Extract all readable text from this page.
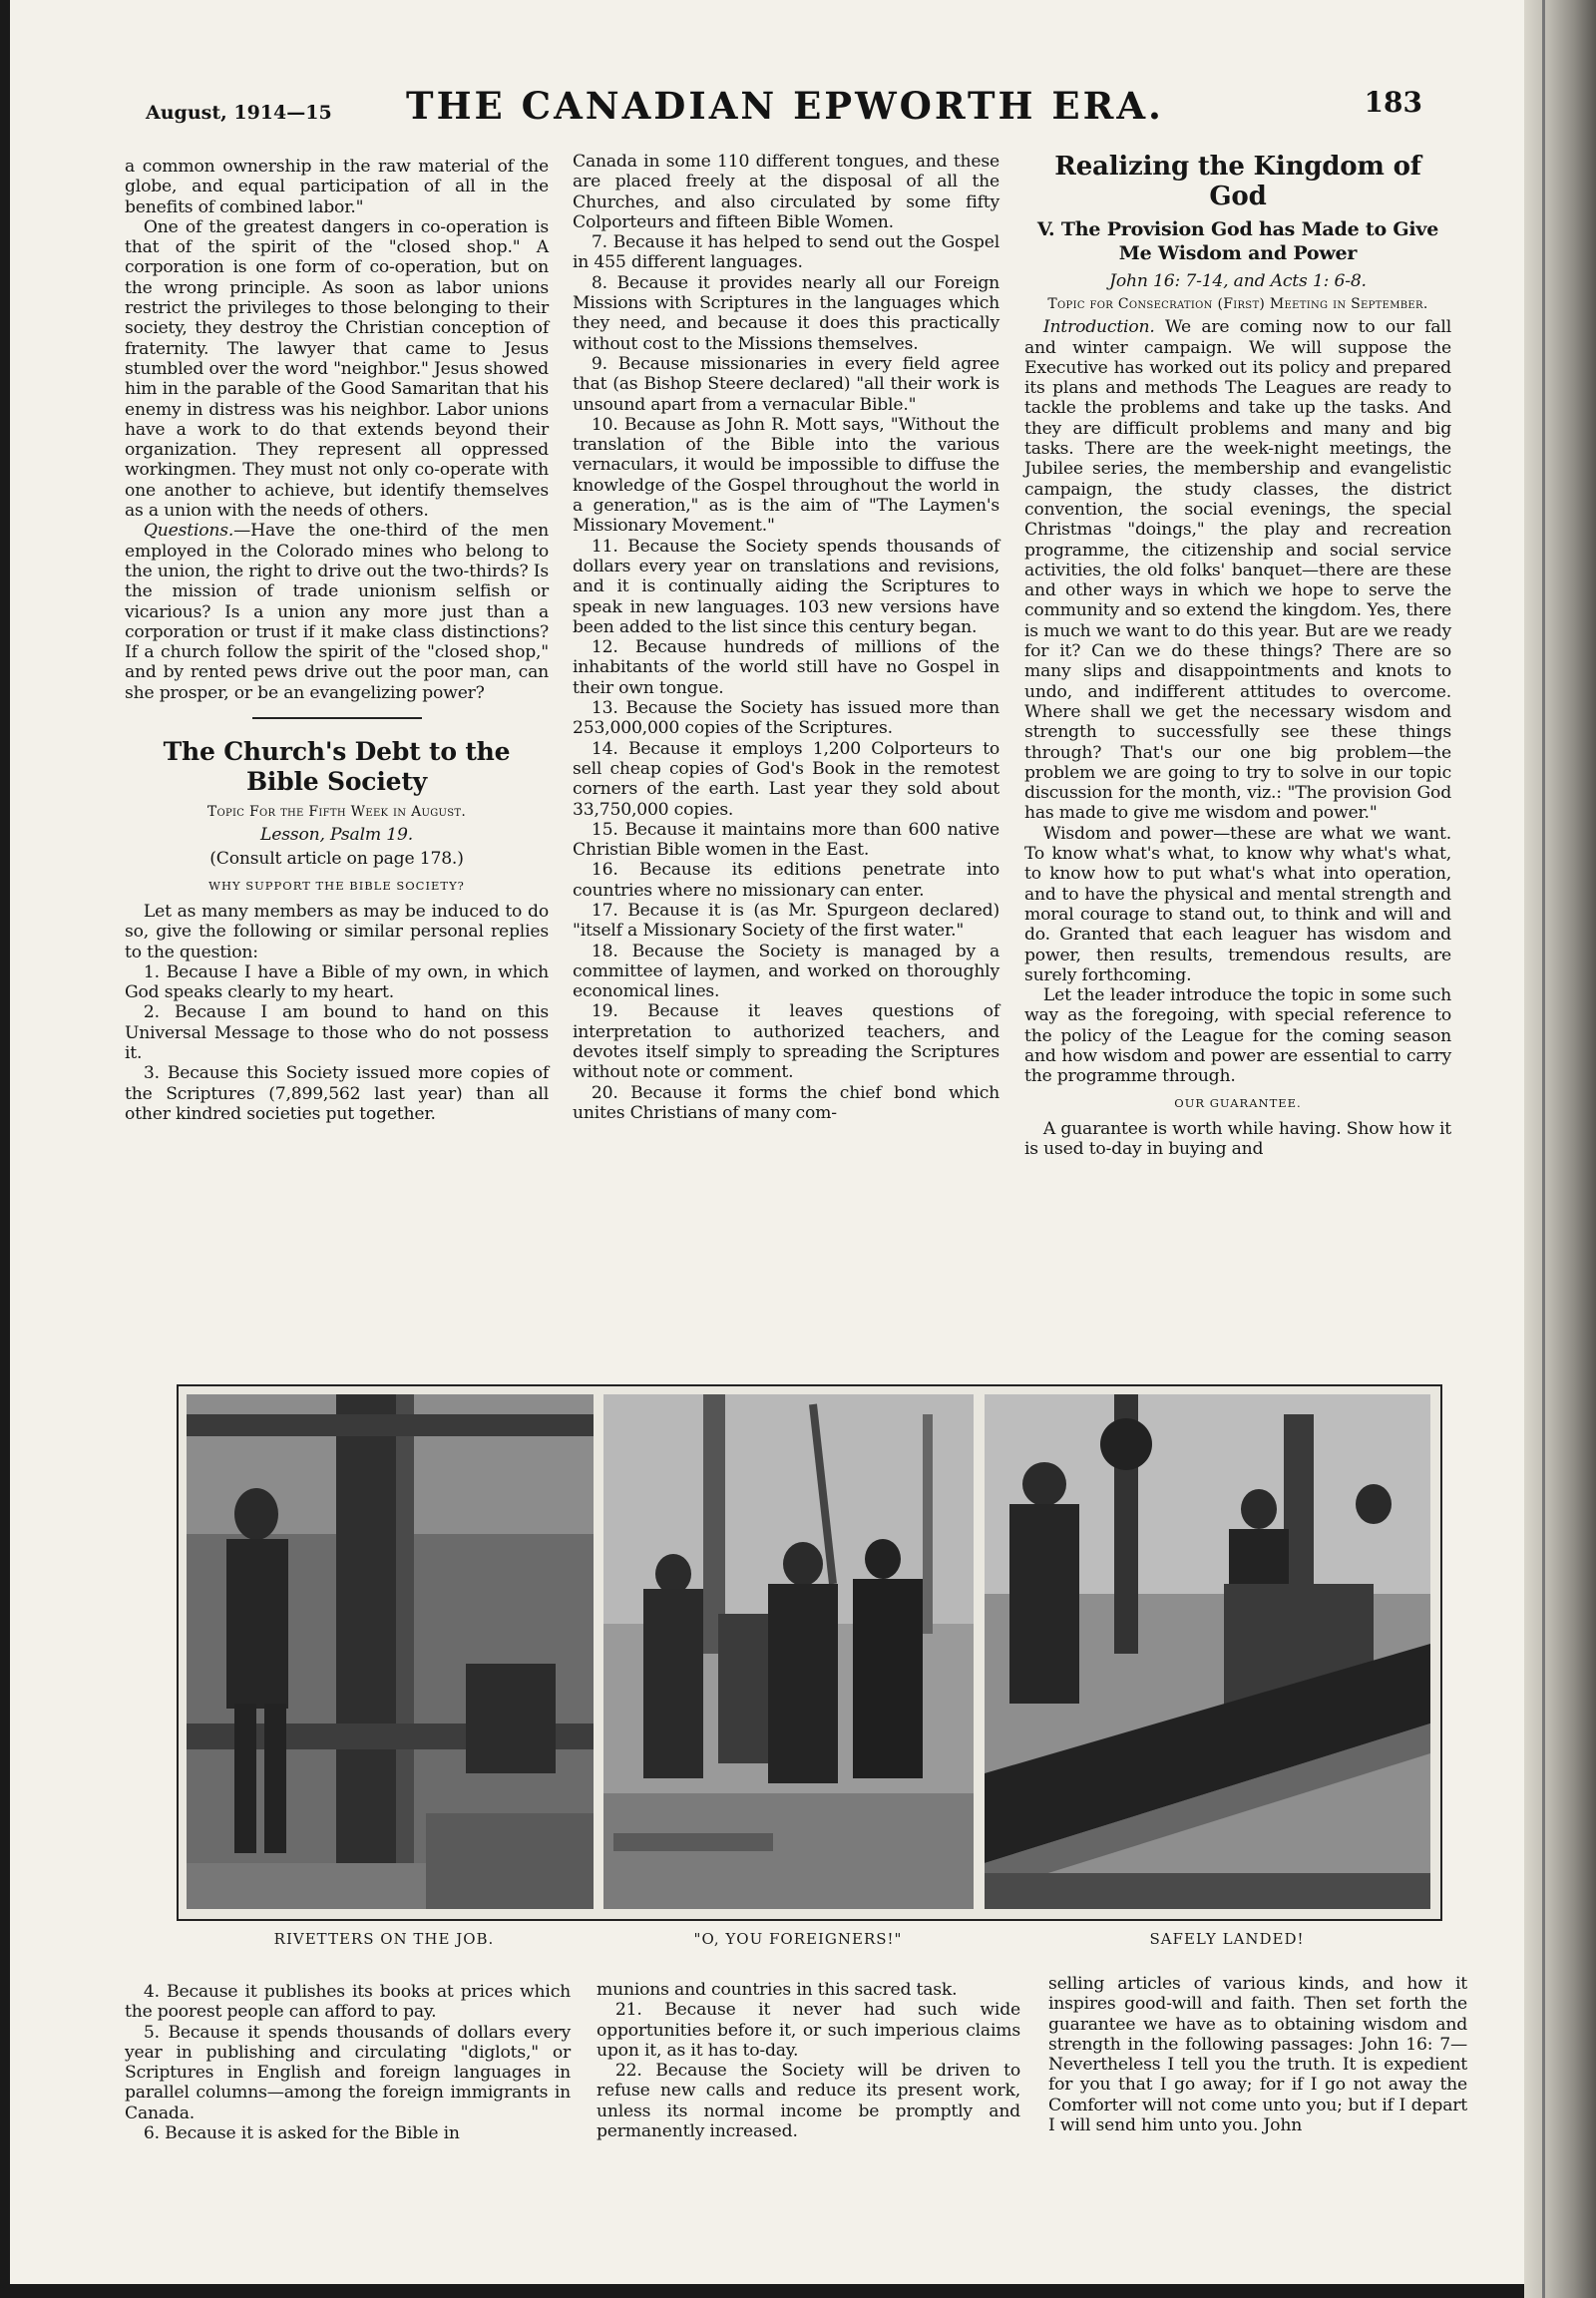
August, 1914—15	THE CANADIAN EPWORTH ERA.	183

a common ownership in the raw material of the globe, and equal participation of all in the benefits of combined labor."

One of the greatest dangers in co-operation is that of the spirit of the "closed shop." A corporation is one form of co-operation, but on the wrong principle. As soon as labor unions restrict the privileges to those belonging to their society, they destroy the Christian conception of fraternity. The lawyer that came to Jesus stumbled over the word "neighbor." Jesus showed him in the parable of the Good Samaritan that his enemy in distress was his neighbor. Labor unions have a work to do that extends beyond their organization. They represent all oppressed workingmen. They must not only co-operate with one another to achieve, but identify themselves as a union with the needs of others.

Questions.—Have the one-third of the men employed in the Colorado mines who belong to the union, the right to drive out the two-thirds? Is the mission of trade unionism selfish or vicarious? Is a union any more just than a corporation or trust if it make class distinctions? If a church follow the spirit of the "closed shop," and by rented pews drive out the poor man, can she prosper, or be an evangelizing power?

The Church's Debt to the Bible Society
Topic For the Fifth Week in August.
Lesson, Psalm 19.
(Consult article on page 178.)
WHY SUPPORT THE BIBLE SOCIETY?

Let as many members as may be induced to do so, give the following or similar personal replies to the question:

1. Because I have a Bible of my own, in which God speaks clearly to my heart.

2. Because I am bound to hand on this Universal Message to those who do not possess it.

3. Because this Society issued more copies of the Scriptures (7,899,562 last year) than all other kindred societies put together.

Canada in some 110 different tongues, and these are placed freely at the disposal of all the Churches, and also circulated by some fifty Colporteurs and fifteen Bible Women.

7. Because it has helped to send out the Gospel in 455 different languages.

8. Because it provides nearly all our Foreign Missions with Scriptures in the languages which they need, and because it does this practically without cost to the Missions themselves.

9. Because missionaries in every field agree that (as Bishop Steere declared) "all their work is unsound apart from a vernacular Bible."

10. Because as John R. Mott says, "Without the translation of the Bible into the various vernaculars, it would be impossible to diffuse the knowledge of the Gospel throughout the world in a generation," as is the aim of "The Laymen's Missionary Movement."

11. Because the Society spends thousands of dollars every year on translations and revisions, and it is continually aiding the Scriptures to speak in new languages. 103 new versions have been added to the list since this century began.

12. Because hundreds of millions of the inhabitants of the world still have no Gospel in their own tongue.

13. Because the Society has issued more than 253,000,000 copies of the Scriptures.

14. Because it employs 1,200 Colporteurs to sell cheap copies of God's Book in the remotest corners of the earth. Last year they sold about 33,750,000 copies.

15. Because it maintains more than 600 native Christian Bible women in the East.

16. Because its editions penetrate into countries where no missionary can enter.

17. Because it is (as Mr. Spurgeon declared) "itself a Missionary Society of the first water."

18. Because the Society is managed by a committee of laymen, and worked on thoroughly economical lines.

19. Because it leaves questions of interpretation to authorized teachers, and devotes itself simply to spreading the Scriptures without note or comment.

20. Because it forms the chief bond which unites Christians of many com-

Realizing the Kingdom of God
V. The Provision God has Made to Give Me Wisdom and Power
John 16: 7-14, and Acts 1: 6-8.
Topic for Consecration (First) Meeting in September.

Introduction. We are coming now to our fall and winter campaign. We will suppose the Executive has worked out its policy and prepared its plans and methods The Leagues are ready to tackle the problems and take up the tasks. And they are difficult problems and many and big tasks. There are the week-night meetings, the Jubilee series, the membership and evangelistic campaign, the study classes, the district convention, the social evenings, the special Christmas "doings," the play and recreation programme, the citizenship and social service activities, the old folks' banquet—there are these and other ways in which we hope to serve the community and so extend the kingdom. Yes, there is much we want to do this year. But are we ready for it? Can we do these things? There are so many slips and disappointments and knots to undo, and indifferent attitudes to overcome. Where shall we get the necessary wisdom and strength to successfully see these things through? That's our one big problem—the problem we are going to try to solve in our topic discussion for the month, viz.: "The provision God has made to give me wisdom and power."

Wisdom and power—these are what we want. To know what's what, to know why what's what, to know how to put what's what into operation, and to have the physical and mental strength and moral courage to stand out, to think and will and do. Granted that each leaguer has wisdom and power, then results, tremendous results, are surely forthcoming.

Let the leader introduce the topic in some such way as the foregoing, with special reference to the policy of the League for the coming season and how wisdom and power are essential to carry the programme through.

OUR GUARANTEE.

A guarantee is worth while having. Show how it is used to-day in buying and

RIVETTERS ON THE JOB.	"O, YOU FOREIGNERS!"	SAFELY LANDED!

4. Because it publishes its books at prices which the poorest people can afford to pay.

5. Because it spends thousands of dollars every year in publishing and circulating "diglots," or Scriptures in English and foreign languages in parallel columns—among the foreign immigrants in Canada.

6. Because it is asked for the Bible in

munions and countries in this sacred task.

21. Because it never had such wide opportunities before it, or such imperious claims upon it, as it has to-day.

22. Because the Society will be driven to refuse new calls and reduce its present work, unless its normal income be promptly and permanently increased.

selling articles of various kinds, and how it inspires good-will and faith. Then set forth the guarantee we have as to obtaining wisdom and strength in the following passages: John 16: 7—Nevertheless I tell you the truth. It is expedient for you that I go away; for if I go not away the Comforter will not come unto you; but if I depart I will send him unto you. John
